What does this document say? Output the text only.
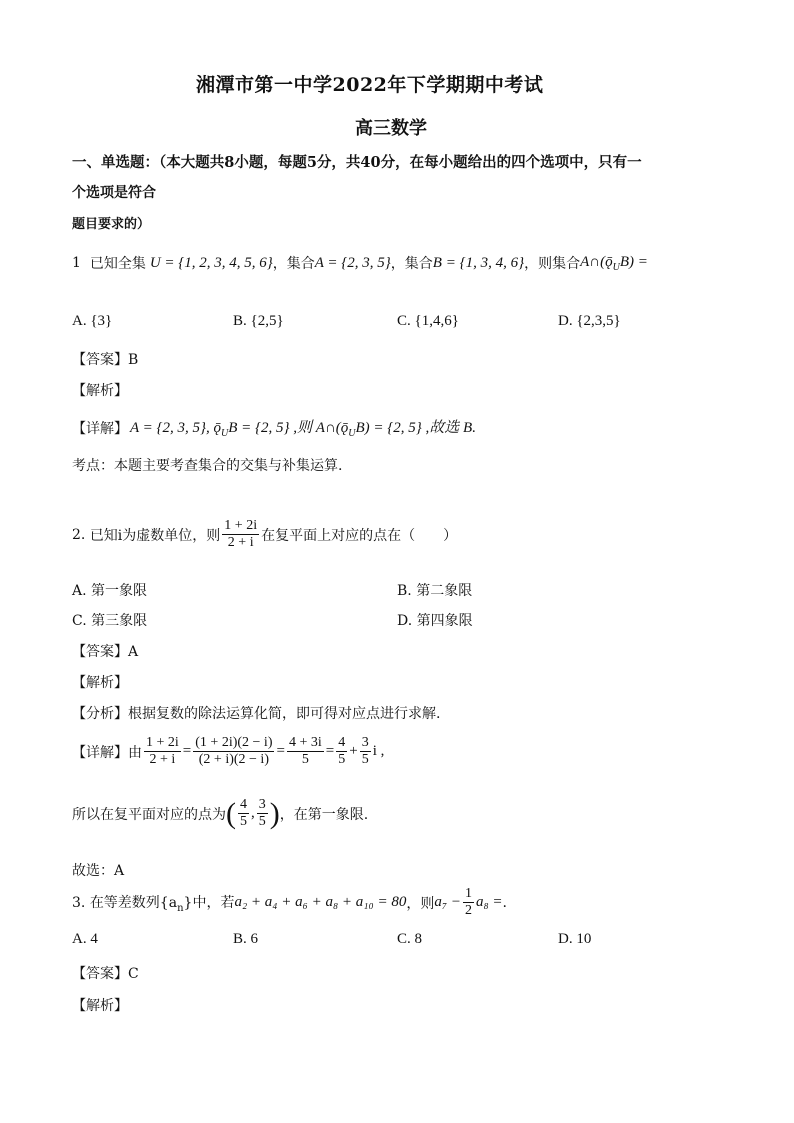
湘潭市第一中学2022年下学期期中考试
高三数学
一、单选题：（本大题共8小题，每题5分，共40分，在每小题给出的四个选项中，只有一
个选项是符合
题目要求的）
1
已知全集 U = {1, 2, 3, 4, 5, 6} ，集合 A = {2, 3, 5} ，集合 B = {1, 3, 4, 6} ，则集合 $A\cap(ǭ_UB)$ =
A. {3}	B. {2,5}	C. {1,4,6}	D. {2,3,5}
【答案】B
【解析】
【详解】 A = {2, 3, 5}, $ǭ_UB = \{2$, 5} ,则 $A\cap(ǭ_UB) = \{2$, 5} ,故选 B.
考点：本题主要考查集合的交集与补集运算.
2.
已知i为虚数单位，则 $\frac{1 + 2i}{2 + i}$ 在复平面上对应的点在（　　）
A. 第一象限	B. 第二象限
C. 第三象限	D. 第四象限
【答案】A
【解析】
【分析】根据复数的除法运算化简，即可得对应点进行求解.
【详解】由 $\frac{1 + 2i}{2 + i} = \frac{(1 + 2i)(2 - i)}{(2 + i)(2 - i)} = \frac{4 + 3i}{5} = \frac{4}{5} + \frac{3}{5}$ i ,
所以在复平面对应的点为 ( $\frac{4}{5}$ , $\frac{3}{5}$ ) ，在第一象限.
故选：A
3.
在等差数列$\{a_n\}$中，若 a₂ + a₄ + a₆ + a₈ + a₁₀ = 80 ，则 $a_7 - \frac{1}{2} a_8$ = .
A. 4	B. 6	C. 8	D. 10
【答案】C
【解析】
